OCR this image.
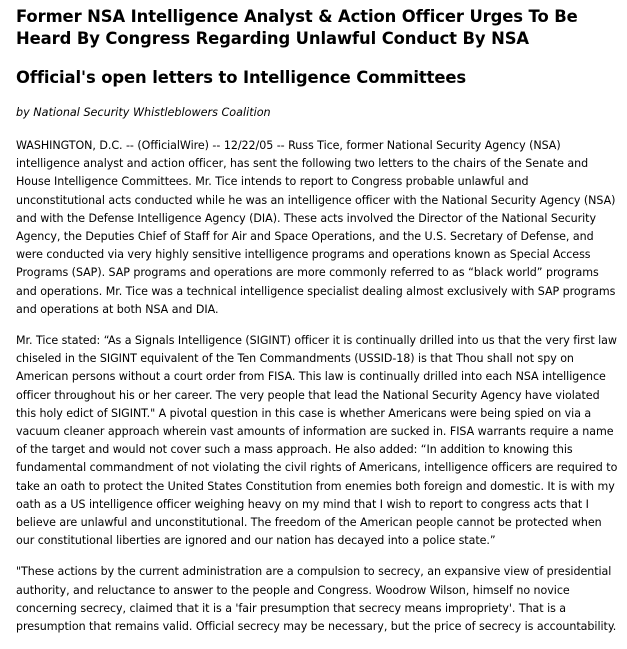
Former NSA Intelligence Analyst & Action Officer Urges To Be Heard By Congress Regarding Unlawful Conduct By NSA
Official's open letters to Intelligence Committees
by National Security Whistleblowers Coalition

WASHINGTON, D.C. -- (OfficialWire) -- 12/22/05 -- Russ Tice, former National Security Agency (NSA) intelligence analyst and action officer, has sent the following two letters to the chairs of the Senate and House Intelligence Committees. Mr. Tice intends to report to Congress probable unlawful and unconstitutional acts conducted while he was an intelligence officer with the National Security Agency (NSA) and with the Defense Intelligence Agency (DIA). These acts involved the Director of the National Security Agency, the Deputies Chief of Staff for Air and Space Operations, and the U.S. Secretary of Defense, and were conducted via very highly sensitive intelligence programs and operations known as Special Access Programs (SAP). SAP programs and operations are more commonly referred to as “black world” programs and operations. Mr. Tice was a technical intelligence specialist dealing almost exclusively with SAP programs and operations at both NSA and DIA.

Mr. Tice stated: “As a Signals Intelligence (SIGINT) officer it is continually drilled into us that the very first law chiseled in the SIGINT equivalent of the Ten Commandments (USSID-18) is that Thou shall not spy on American persons without a court order from FISA. This law is continually drilled into each NSA intelligence officer throughout his or her career. The very people that lead the National Security Agency have violated this holy edict of SIGINT." A pivotal question in this case is whether Americans were being spied on via a vacuum cleaner approach wherein vast amounts of information are sucked in. FISA warrants require a name of the target and would not cover such a mass approach. He also added: “In addition to knowing this fundamental commandment of not violating the civil rights of Americans, intelligence officers are required to take an oath to protect the United States Constitution from enemies both foreign and domestic. It is with my oath as a US intelligence officer weighing heavy on my mind that I wish to report to congress acts that I believe are unlawful and unconstitutional. The freedom of the American people cannot be protected when our constitutional liberties are ignored and our nation has decayed into a police state.”

"These actions by the current administration are a compulsion to secrecy, an expansive view of presidential authority, and reluctance to answer to the people and Congress. Woodrow Wilson, himself no novice concerning secrecy, claimed that it is a 'fair presumption that secrecy means impropriety'. That is a presumption that remains valid. Official secrecy may be necessary, but the price of secrecy is accountability.
